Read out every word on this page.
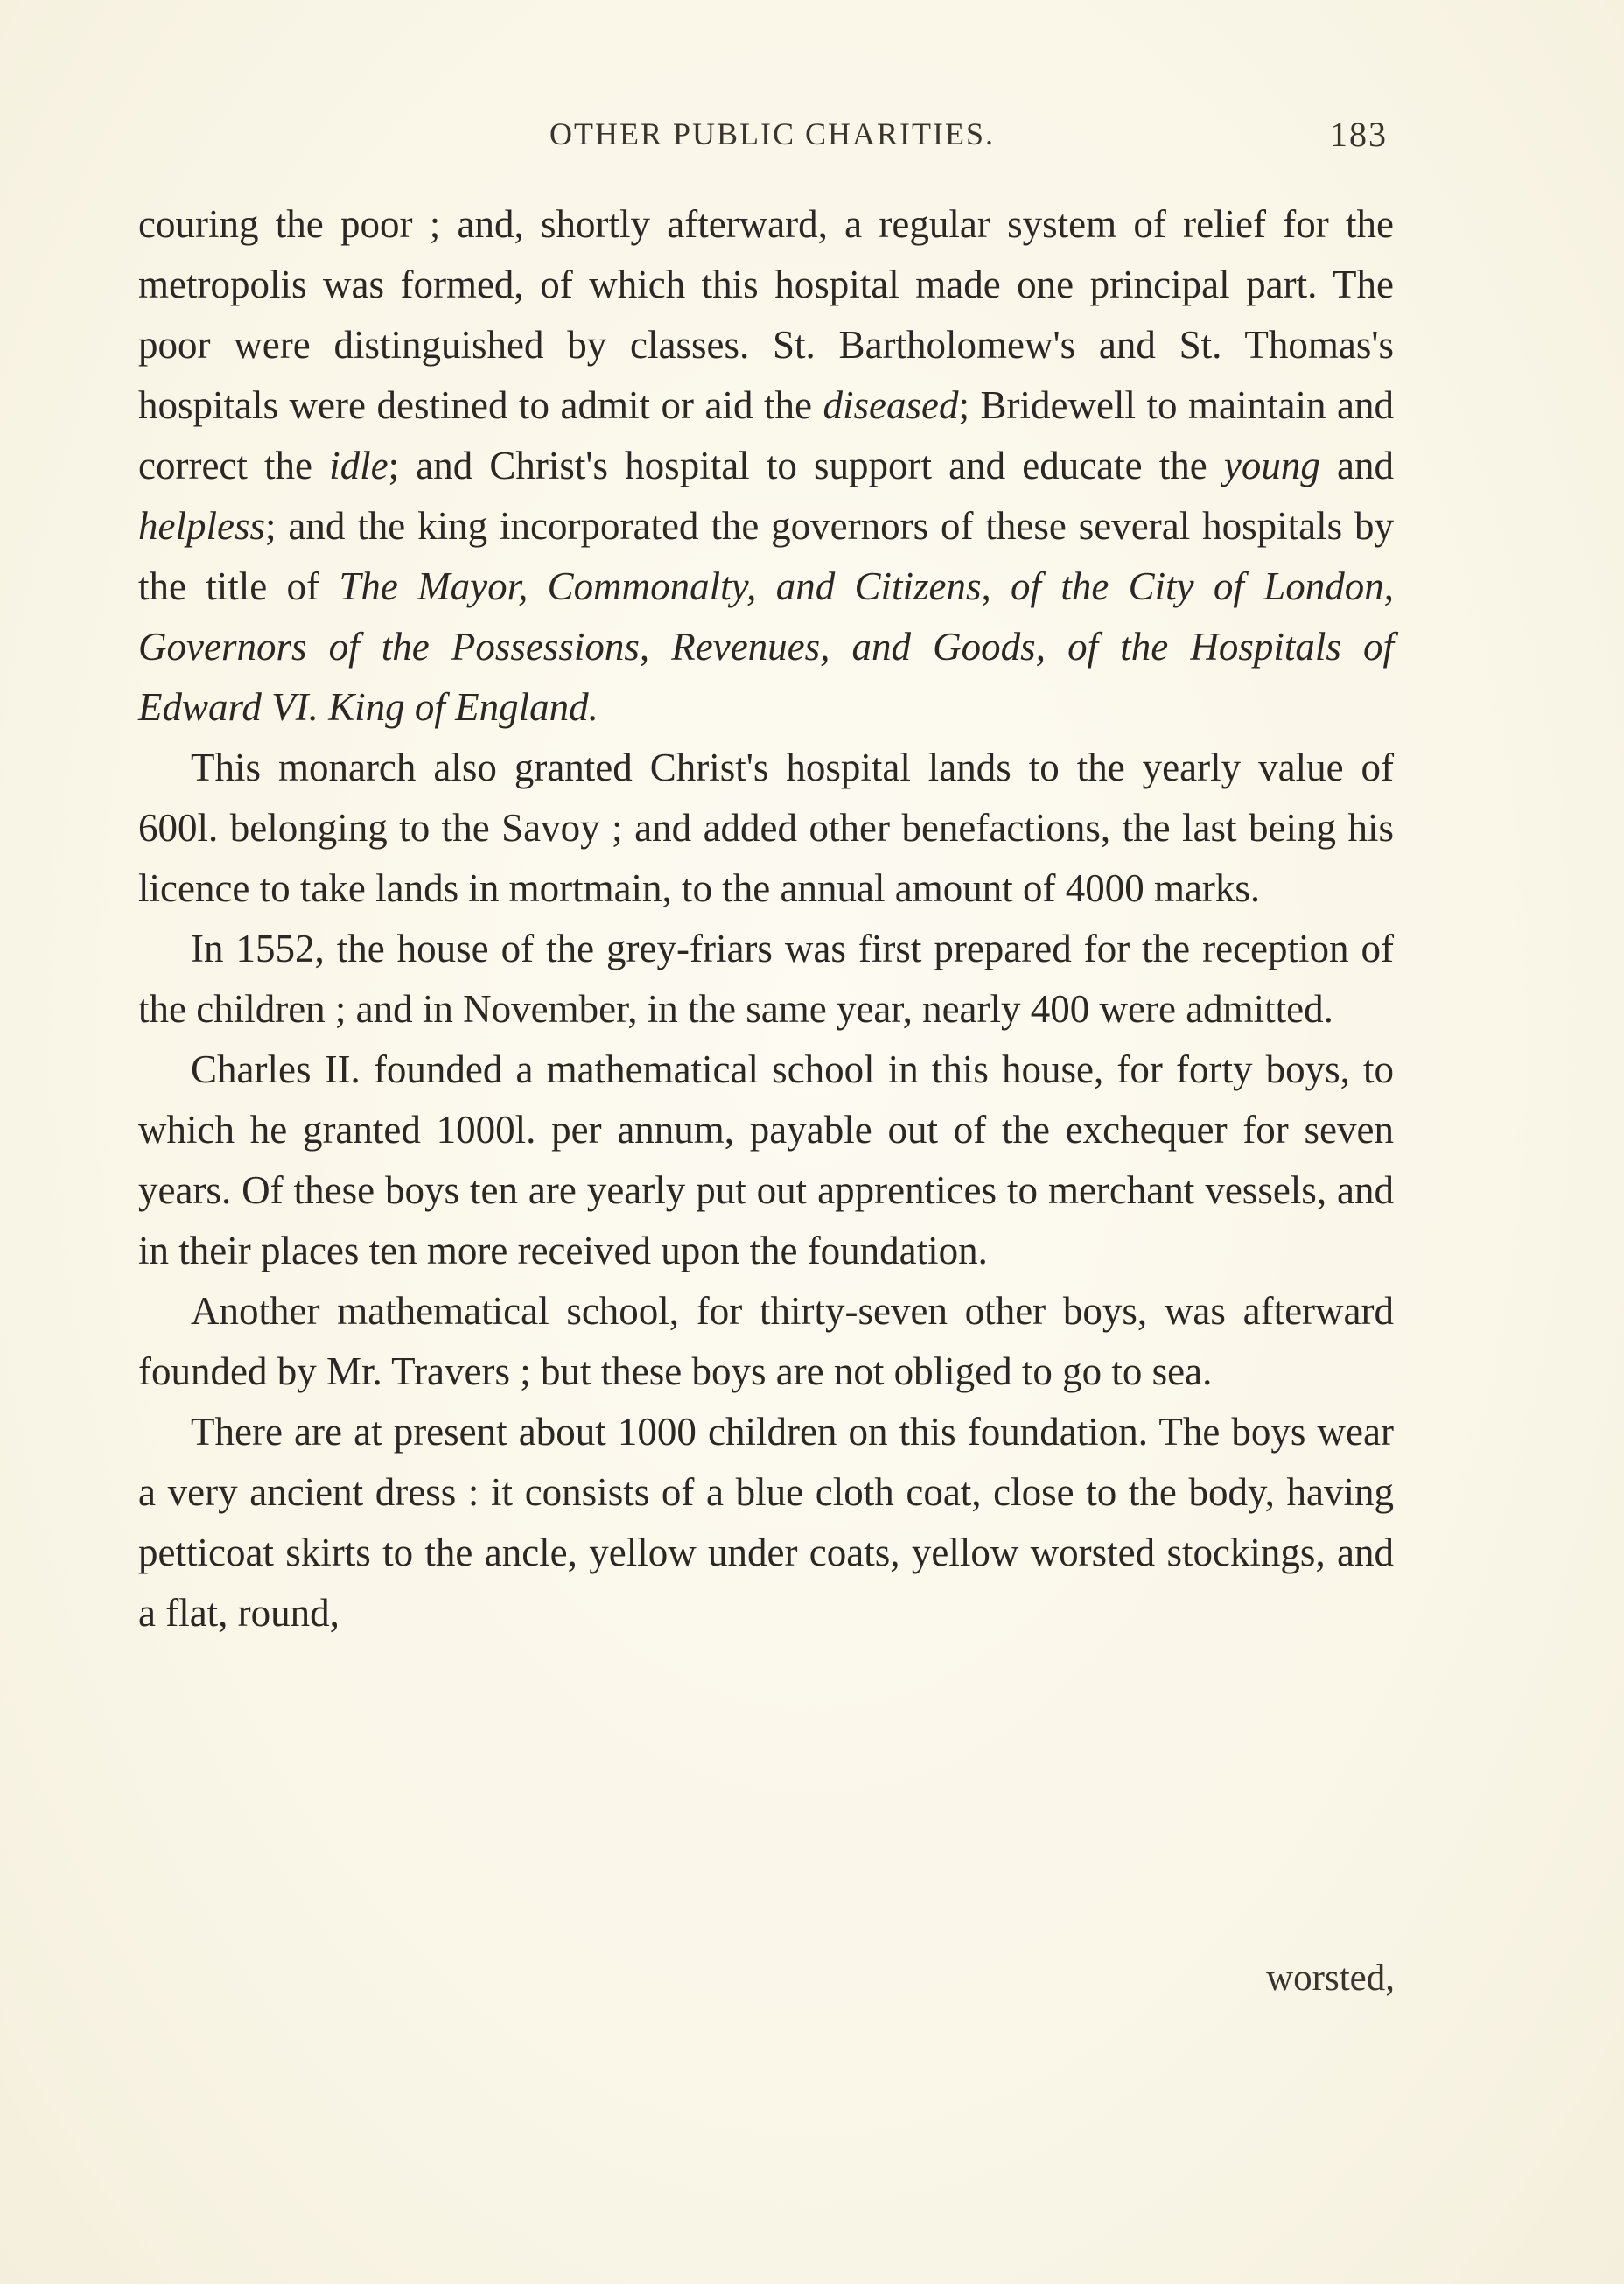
OTHER PUBLIC CHARITIES.	183

couring the poor ; and, shortly afterward, a regular system of relief for the metropolis was formed, of which this hospital made one principal part. The poor were distinguished by classes. St. Bartholomew's and St. Thomas's hospitals were destined to admit or aid the diseased; Bridewell to maintain and correct the idle; and Christ's hospital to support and educate the young and helpless; and the king incorporated the governors of these several hospitals by the title of The Mayor, Commonalty, and Citizens, of the City of London, Governors of the Possessions, Revenues, and Goods, of the Hospitals of Edward VI. King of England.

This monarch also granted Christ's hospital lands to the yearly value of 600l. belonging to the Savoy ; and added other benefactions, the last being his licence to take lands in mortmain, to the annual amount of 4000 marks.

In 1552, the house of the grey-friars was first prepared for the reception of the children ; and in November, in the same year, nearly 400 were admitted.

Charles II. founded a mathematical school in this house, for forty boys, to which he granted 1000l. per annum, payable out of the exchequer for seven years. Of these boys ten are yearly put out apprentices to merchant vessels, and in their places ten more received upon the foundation.

Another mathematical school, for thirty-seven other boys, was afterward founded by Mr. Travers ; but these boys are not obliged to go to sea.

There are at present about 1000 children on this foundation. The boys wear a very ancient dress : it consists of a blue cloth coat, close to the body, having petticoat skirts to the ancle, yellow under coats, yellow worsted stockings, and a flat, round,

worsted,
